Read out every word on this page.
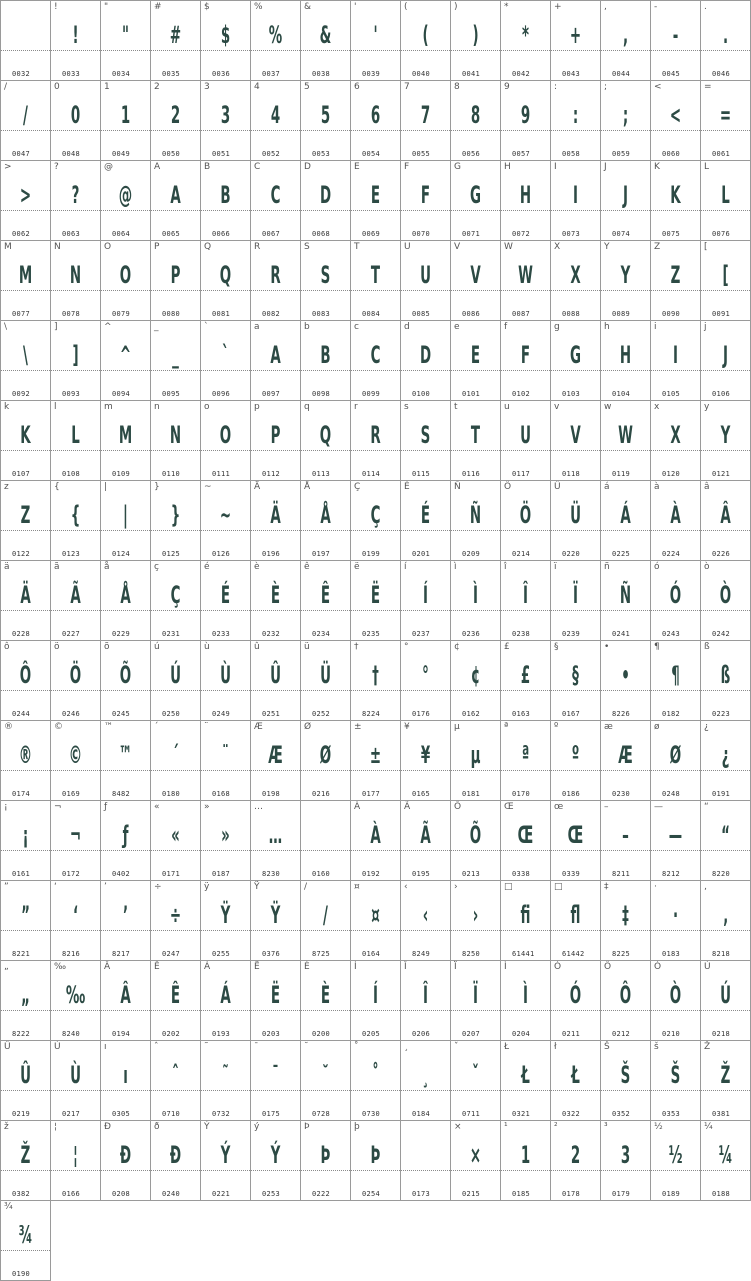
0032
!
!
0033
"
"
0034
#
#
0035
$
$
0036
%
%
0037
&
&
0038
'
'
0039
(
(
0040
)
)
0041
*
*
0042
+
+
0043
,
,
0044
-
-
0045
.
.
0046
/
/
0047
0
0
0048
1
1
0049
2
2
0050
3
3
0051
4
4
0052
5
5
0053
6
6
0054
7
7
0055
8
8
0056
9
9
0057
:
:
0058
;
;
0059
<
<
0060
=
=
0061
>
>
0062
?
?
0063
@
@
0064
A
A
0065
B
B
0066
C
C
0067
D
D
0068
E
E
0069
F
F
0070
G
G
0071
H
H
0072
I
I
0073
J
J
0074
K
K
0075
L
L
0076
M
M
0077
N
N
0078
O
O
0079
P
P
0080
Q
Q
0081
R
R
0082
S
S
0083
T
T
0084
U
U
0085
V
V
0086
W
W
0087
X
X
0088
Y
Y
0089
Z
Z
0090
[
[
0091
\
\
0092
]
]
0093
^
^
0094
_
_
0095
`
`
0096
a
A
0097
b
B
0098
c
C
0099
d
D
0100
e
E
0101
f
F
0102
g
G
0103
h
H
0104
i
I
0105
j
J
0106
k
K
0107
l
L
0108
m
M
0109
n
N
0110
o
O
0111
p
P
0112
q
Q
0113
r
R
0114
s
S
0115
t
T
0116
u
U
0117
v
V
0118
w
W
0119
x
X
0120
y
Y
0121
z
Z
0122
{
{
0123
|
|
0124
}
}
0125
~
~
0126
Ä
Ä
0196
Å
Å
0197
Ç
Ç
0199
É
É
0201
Ñ
Ñ
0209
Ö
Ö
0214
Ü
Ü
0220
á
Á
0225
à
À
0224
â
Â
0226
ä
Ä
0228
ã
Ã
0227
å
Å
0229
ç
Ç
0231
é
É
0233
è
È
0232
ê
Ê
0234
ë
Ë
0235
í
Í
0237
ì
Ì
0236
î
Î
0238
ï
Ï
0239
ñ
Ñ
0241
ó
Ó
0243
ò
Ò
0242
ô
Ô
0244
ö
Ö
0246
õ
Õ
0245
ú
Ú
0250
ù
Ù
0249
û
Û
0251
ü
Ü
0252
†
†
8224
°
°
0176
¢
¢
0162
£
£
0163
§
§
0167
•
•
8226
¶
¶
0182
ß
ß
0223
®
®
0174
©
©
0169
™
™
8482
´
´
0180
¨
¨
0168
Æ
Æ
0198
Ø
Ø
0216
±
±
0177
¥
¥
0165
µ
µ
0181
ª
ª
0170
º
º
0186
æ
Æ
0230
ø
Ø
0248
¿
¿
0191
¡
¡
0161
¬
¬
0172
ƒ
ƒ
0402
«
«
0171
»
»
0187
…
…
8230	0160
À
À
0192
Ã
Ã
0195
Õ
Õ
0213
Œ
Œ
0338
œ
Œ
0339
–
–
8211
—
—
8212
“
“
8220
”
”
8221
‘
‘
8216
’
’
8217
÷
÷
0247
ÿ
Ÿ
0255
Ÿ
Ÿ
0376
/
/
8725
¤
¤
0164
‹
‹
8249
›
›
8250
□
ﬁ
61441
□
ﬂ
61442
‡
‡
8225
·
·
0183
‚
‚
8218
„
„
8222
‰
‰
8240
Â
Â
0194
Ê
Ê
0202
Á
Á
0193
Ë
Ë
0203
È
È
0200
Í
Í
0205
Î
Î
0206
Ï
Ï
0207
Ì
Ì
0204
Ó
Ó
0211
Ô
Ô
0212
Ò
Ò
0210
Ú
Ú
0218
Û
Û
0219
Ù
Ù
0217
ı
ı
0305
ˆ
ˆ
0710
˜
˜
0732
¯
¯
0175
˘
˘
0728
˚
˚
0730
¸
¸
0184
ˇ
ˇ
0711
Ł
Ł
0321
ł
Ł
0322
Š
Š
0352
š
Š
0353
Ž
Ž
0381
ž
Ž
0382
¦
¦
0166
Ð
Ð
0208
ð
Ð
0240
Ý
Ý
0221
ý
Ý
0253
Þ
Þ
0222
þ
Þ
0254	0173
×
×
0215
¹
1
0185
²
2
0178
³
3
0179
½
½
0189
¼
¼
0188
¾
¾
0190
